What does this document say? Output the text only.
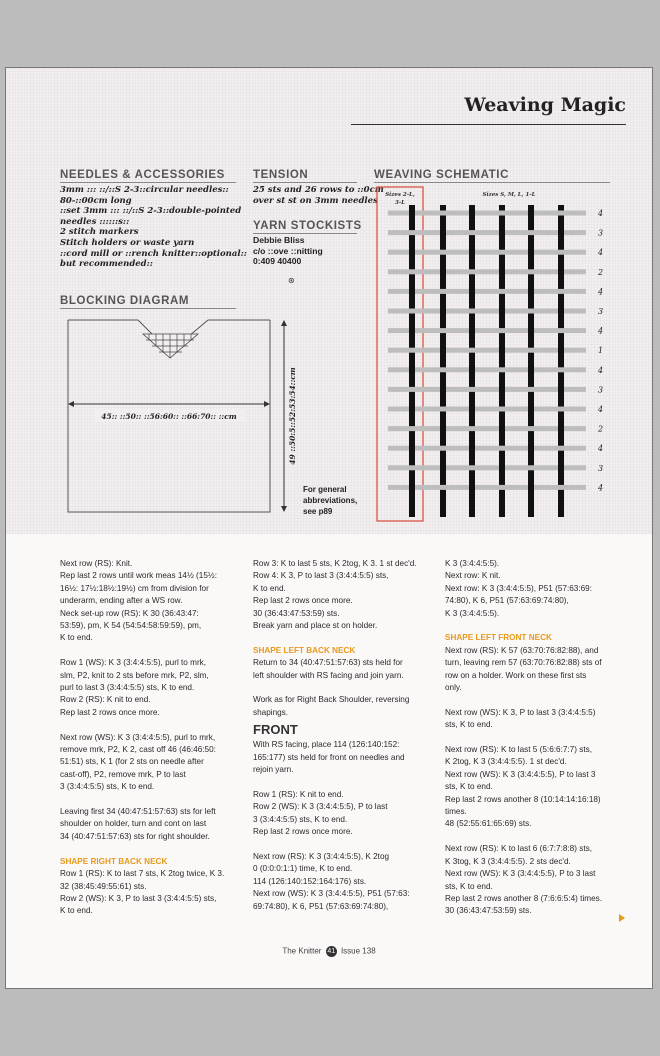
Weaving Magic
NEEDLES & ACCESSORIES
3mm ::: ::/::S 2-3::circular needles::
80-::00cm long
::set 3mm ::: ::/::S 2-3::double-pointed
needles ::::::s::
2 stitch markers
Stitch holders or waste yarn
::cord mill or ::rench knitter::optional::
but recommended::
TENSION
25 sts and 26 rows to ::0cm
over st st on 3mm needles
YARN STOCKISTS
Debbie Bliss
c/o ::ove ::nitting
0:409 40400
⊛
BLOCKING DIAGRAM
45:: ::50:: ::56:60:: ::66:70:: ::cm	49 ::50:5::52:53:54::cm
For general
abbreviations,
see p89
WEAVING SCHEMATIC
Sizes 2-L,
3-L
Sizes S, M, L, 1-L
4
3
4
2
4
3
4
1
4
3
4
2
4
3
4
Next row (RS): Knit.
Rep last 2 rows until work meas 14½ (15½:
16½: 17½:18½:19½) cm from division for
underarm, ending after a WS row.
Neck set-up row (RS): K 30 (36:43:47:
53:59), pm, K 54 (54:54:58:59:59), pm,
K to end.
Row 1 (WS): K 3 (3:4:4:5:5), purl to mrk,
slm, P2, knit to 2 sts before mrk, P2, slm,
purl to last 3 (3:4:4:5:5) sts, K to end.
Row 2 (RS): K nit to end.
Rep last 2 rows once more.
Next row (WS): K 3 (3:4:4:5:5), purl to mrk,
remove mrk, P2, K 2, cast off 46 (46:46:50:
51:51) sts, K 1 (for 2 sts on needle after
cast-off), P2, remove mrk, P to last
3 (3:4:4:5:5) sts, K to end.
Leaving first 34 (40:47:51:57:63) sts for left
shoulder on holder, turn and cont on last
34 (40:47:51:57:63) sts for right shoulder.
SHAPE RIGHT BACK NECK
Row 1 (RS): K to last 7 sts, K 2tog twice, K 3.
32 (38:45:49:55:61) sts.
Row 2 (WS): K 3, P to last 3 (3:4:4:5:5) sts,
K to end.
Row 3: K to last 5 sts, K 2tog, K 3. 1 st dec'd.
Row 4: K 3, P to last 3 (3:4:4:5:5) sts,
K to end.
Rep last 2 rows once more.
30 (36:43:47:53:59) sts.
Break yarn and place st on holder.
SHAPE LEFT BACK NECK
Return to 34 (40:47:51:57:63) sts held for
left shoulder with RS facing and join yarn.
Work as for Right Back Shoulder, reversing
shapings.
FRONT
With RS facing, place 114 (126:140:152:
165:177) sts held for front on needles and
rejoin yarn.
Row 1 (RS): K nit to end.
Row 2 (WS): K 3 (3:4:4:5:5), P to last
3 (3:4:4:5:5) sts, K to end.
Rep last 2 rows once more.
Next row (RS): K 3 (3:4:4:5:5), K 2tog
0 (0:0:0:1:1) time, K to end.
114 (126:140:152:164:176) sts.
Next row (WS): K 3 (3:4:4:5:5), P51 (57:63:
69:74:80), K 6, P51 (57:63:69:74:80),
K 3 (3:4:4:5:5).
Next row: K nit.
Next row: K 3 (3:4:4:5:5), P51 (57:63:69:
74:80), K 6, P51 (57:63:69:74:80),
K 3 (3:4:4:5:5).
SHAPE LEFT FRONT NECK
Next row (RS): K 57 (63:70:76:82:88), and
turn, leaving rem 57 (63:70:76:82:88) sts of
row on a holder. Work on these first sts
only.
Next row (WS): K 3, P to last 3 (3:4:4:5:5)
sts, K to end.
Next row (RS): K to last 5 (5:6:6:7:7) sts,
K 2tog, K 3 (3:4:4:5:5). 1 st dec'd.
Next row (WS): K 3 (3:4:4:5:5), P to last 3
sts, K to end.
Rep last 2 rows another 8 (10:14:14:16:18)
times.
48 (52:55:61:65:69) sts.
Next row (RS): K to last 6 (6:7:7:8:8) sts,
K 3tog, K 3 (3:4:4:5:5). 2 sts dec'd.
Next row (WS): K 3 (3:4:4:5:5), P to 3 last
sts, K to end.
Rep last 2 rows another 8 (7:6:6:5:4) times.
30 (36:43:47:53:59) sts.
The Knitter 41 Issue 138
